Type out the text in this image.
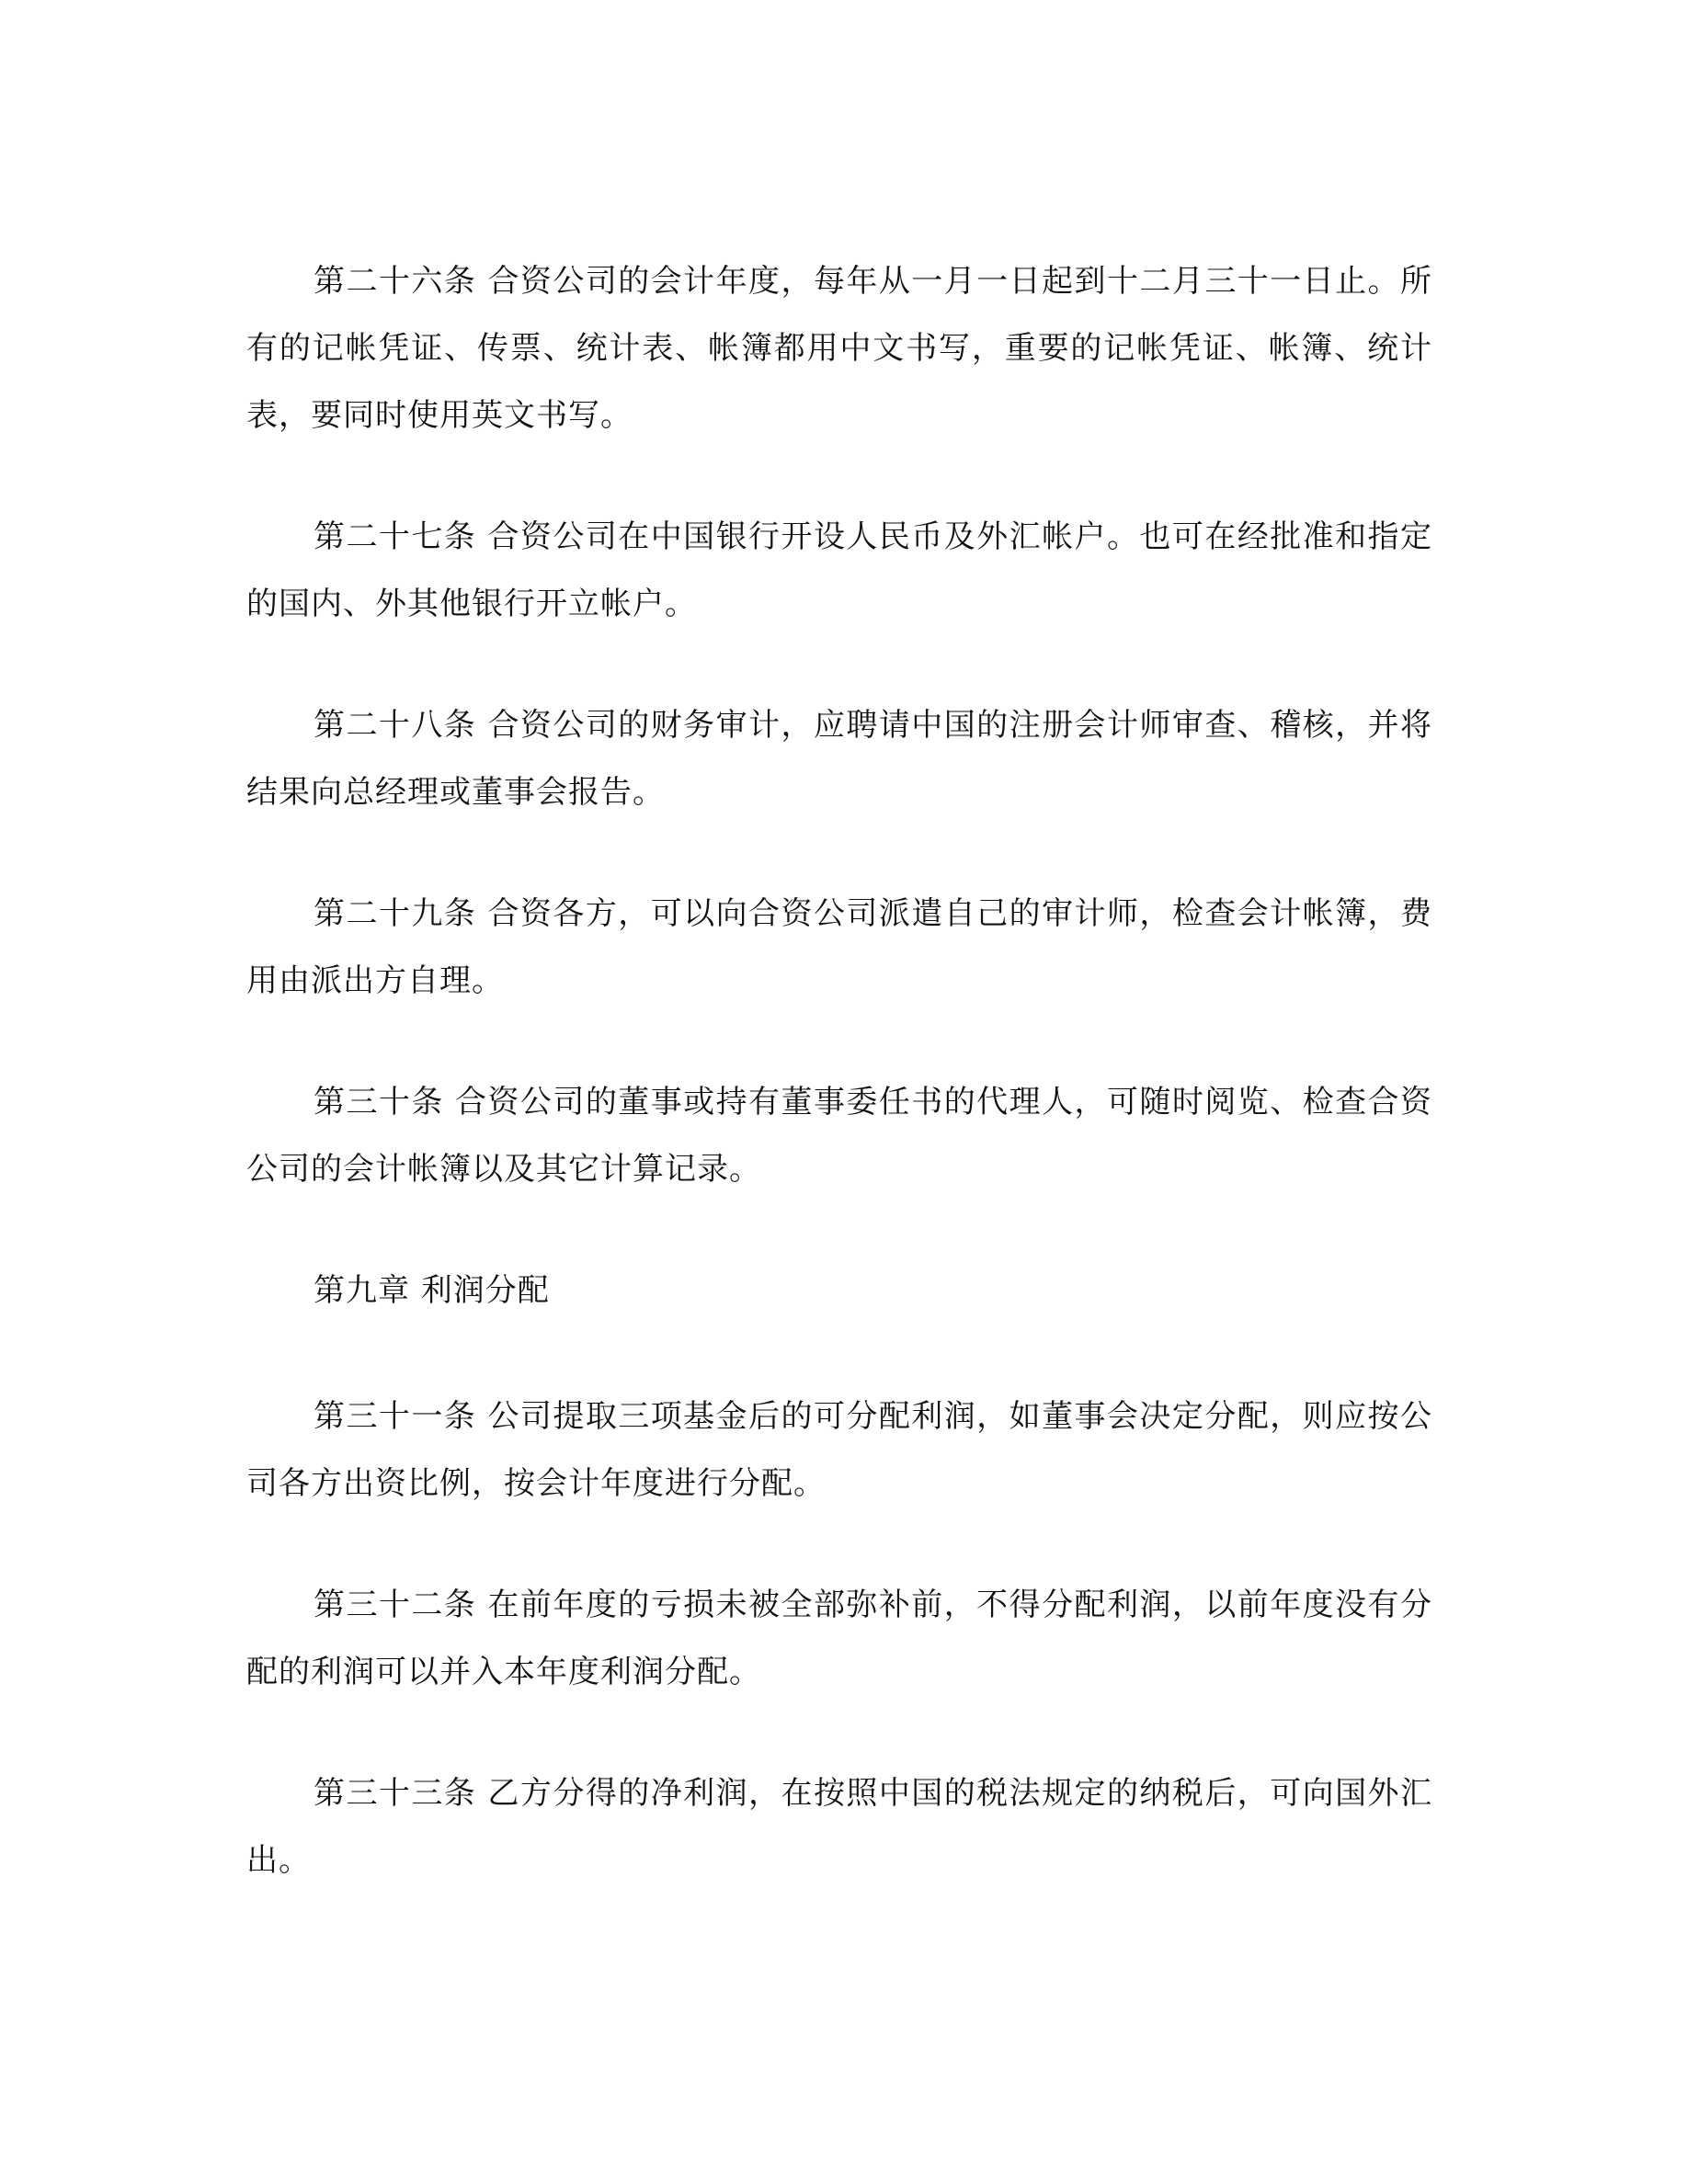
第二十六条 合资公司的会计年度，每年从一月一日起到十二月三十一日止。所有的记帐凭证、传票、统计表、帐簿都用中文书写，重要的记帐凭证、帐簿、统计表，要同时使用英文书写。

第二十七条 合资公司在中国银行开设人民币及外汇帐户。也可在经批准和指定的国内、外其他银行开立帐户。

第二十八条 合资公司的财务审计，应聘请中国的注册会计师审查、稽核，并将结果向总经理或董事会报告。

第二十九条 合资各方，可以向合资公司派遣自己的审计师，检查会计帐簿，费用由派出方自理。

第三十条 合资公司的董事或持有董事委任书的代理人，可随时阅览、检查合资公司的会计帐簿以及其它计算记录。

第九章 利润分配

第三十一条 公司提取三项基金后的可分配利润，如董事会决定分配，则应按公司各方出资比例，按会计年度进行分配。

第三十二条 在前年度的亏损未被全部弥补前，不得分配利润，以前年度没有分配的利润可以并入本年度利润分配。

第三十三条 乙方分得的净利润，在按照中国的税法规定的纳税后，可向国外汇出。
